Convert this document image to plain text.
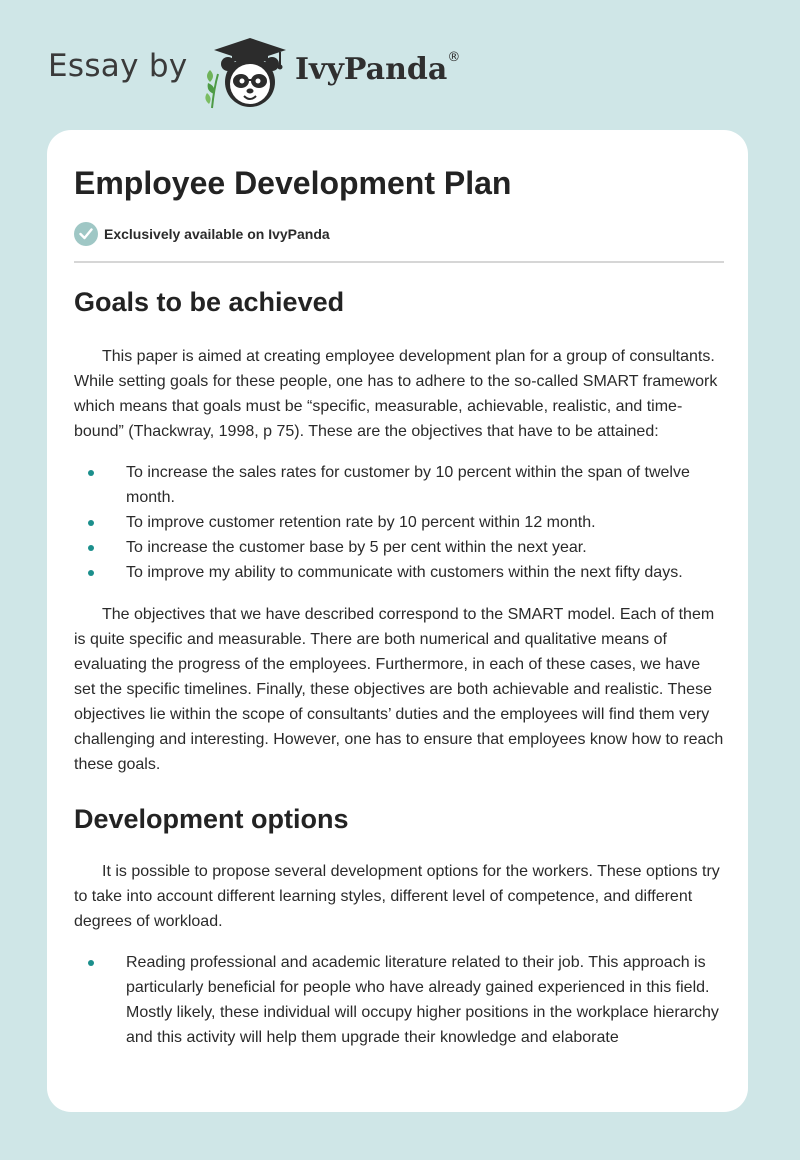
Essay by	IvyPanda®
Employee Development Plan
Exclusively available on IvyPanda
Goals to be achieved

This paper is aimed at creating employee development plan for a group of consultants. While setting goals for these people, one has to adhere to the so-called SMART framework which means that goals must be “specific, measurable, achievable, realistic, and time-bound” (Thackwray, 1998, p 75). These are the objectives that have to be attained:

To increase the sales rates for customer by 10 percent within the span of twelve month.
To improve customer retention rate by 10 percent within 12 month.
To increase the customer base by 5 per cent within the next year.
To improve my ability to communicate with customers within the next fifty days.

The objectives that we have described correspond to the SMART model. Each of them is quite specific and measurable. There are both numerical and qualitative means of evaluating the progress of the employees. Furthermore, in each of these cases, we have set the specific timelines. Finally, these objectives are both achievable and realistic. These objectives lie within the scope of consultants’ duties and the employees will find them very challenging and interesting. However, one has to ensure that employees know how to reach these goals.

Development options

It is possible to propose several development options for the workers. These options try to take into account different learning styles, different level of competence, and different degrees of workload.

Reading professional and academic literature related to their job. This approach is particularly beneficial for people who have already gained experienced in this field. Mostly likely, these individual will occupy higher positions in the workplace hierarchy and this activity will help them upgrade their knowledge and elaborate
